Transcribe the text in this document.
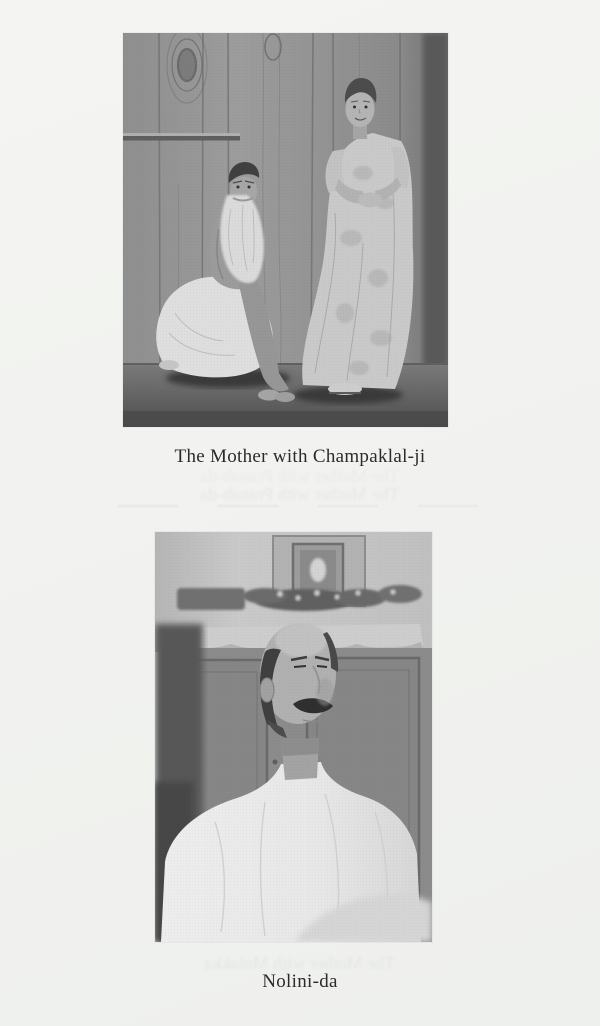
The Mother with Champaklal-ji
The Mother with Pranab-da
The Mother with Pranab-da
The Mother with Moiakka
Nolini-da
